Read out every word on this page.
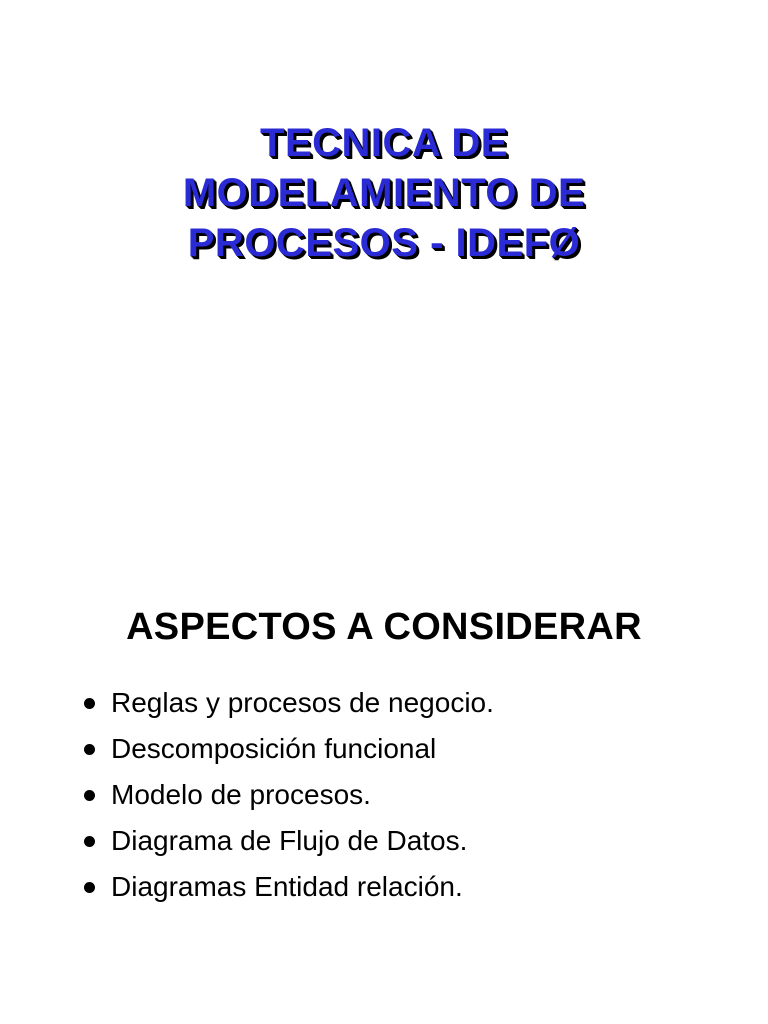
TECNICA DE
MODELAMIENTO DE
PROCESOS - IDEFØ
ASPECTOS A CONSIDERAR
Reglas y procesos de negocio.
Descomposición funcional
Modelo de procesos.
Diagrama de Flujo de Datos.
Diagramas Entidad relación.
